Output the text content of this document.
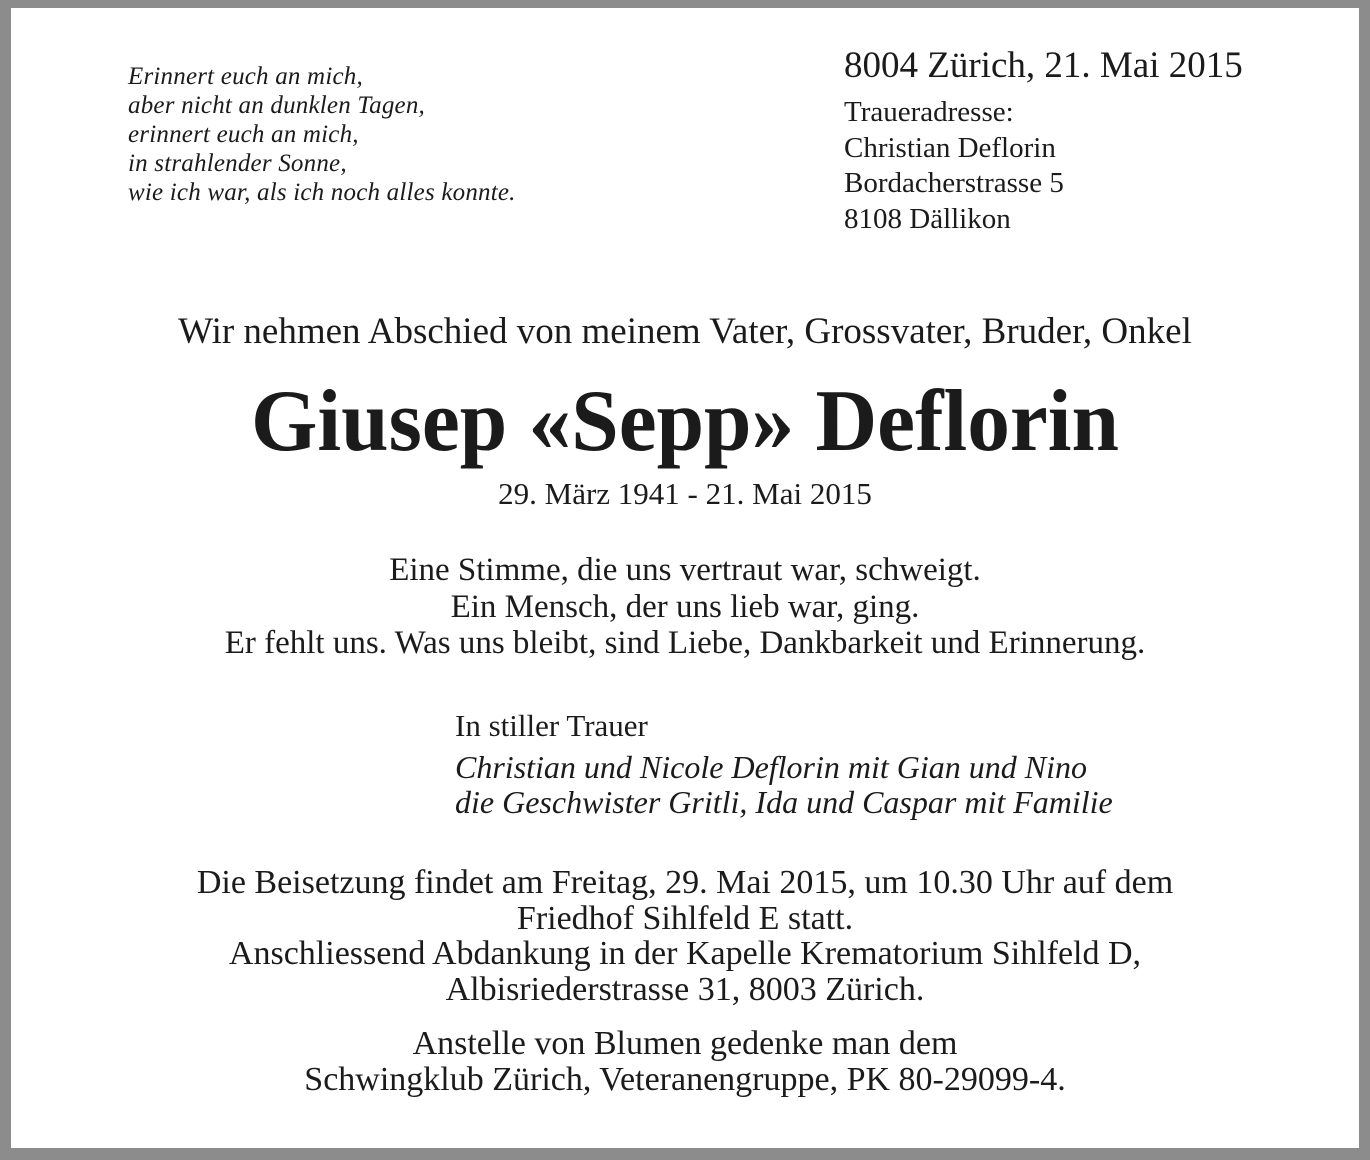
Erinnert euch an mich,
aber nicht an dunklen Tagen,
erinnert euch an mich,
in strahlender Sonne,
wie ich war, als ich noch alles konnte.
8004 Zürich, 21. Mai 2015
Traueradresse:
Christian Deflorin
Bordacherstrasse 5
8108 Dällikon
Wir nehmen Abschied von meinem Vater, Grossvater, Bruder, Onkel
Giusep «Sepp» Deflorin
29. März 1941 - 21. Mai 2015
Eine Stimme, die uns vertraut war, schweigt.
Ein Mensch, der uns lieb war, ging.
Er fehlt uns. Was uns bleibt, sind Liebe, Dankbarkeit und Erinnerung.
In stiller Trauer
Christian und Nicole Deflorin mit Gian und Nino
die Geschwister Gritli, Ida und Caspar mit Familie
Die Beisetzung findet am Freitag, 29. Mai 2015, um 10.30 Uhr auf dem
Friedhof Sihlfeld E statt.
Anschliessend Abdankung in der Kapelle Krematorium Sihlfeld D,
Albisriederstrasse 31, 8003 Zürich.
Anstelle von Blumen gedenke man dem
Schwingklub Zürich, Veteranengruppe, PK 80-29099-4.
